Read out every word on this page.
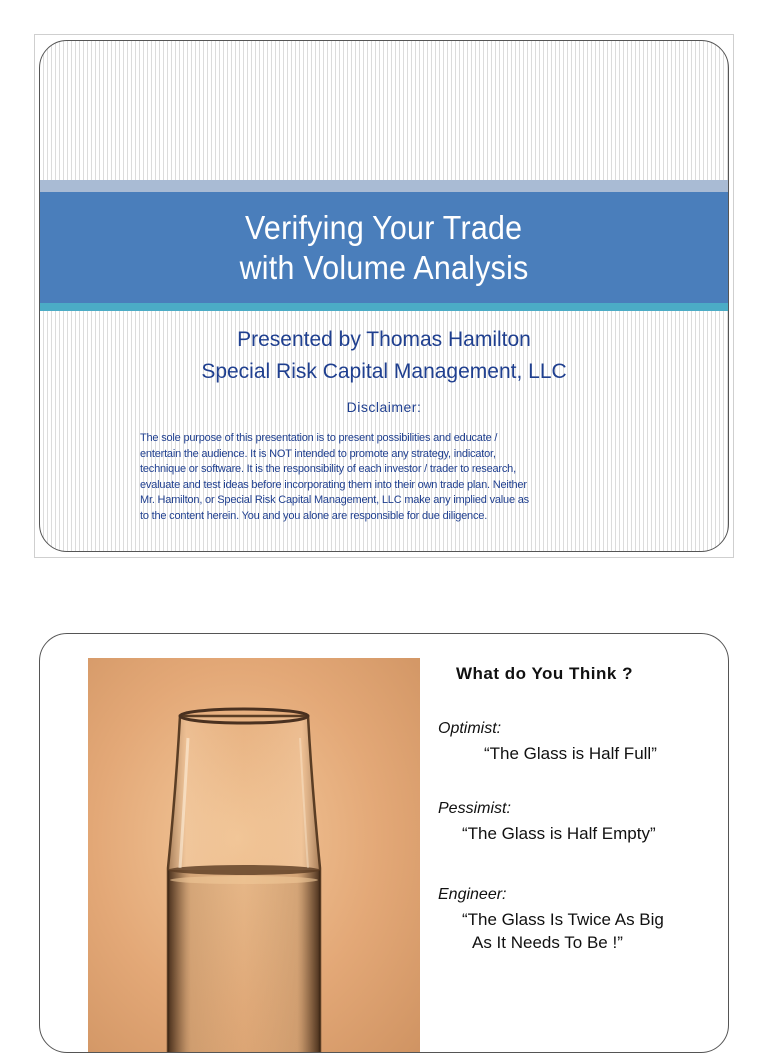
Verifying Your Trade
with Volume Analysis
Presented by Thomas Hamilton
Special Risk Capital Management, LLC
Disclaimer:
The sole purpose of this presentation is to present possibilities and educate /
entertain the audience. It is NOT intended to promote any strategy, indicator,
technique or software. It is the responsibility of each investor / trader to research,
evaluate and test ideas before incorporating them into their own trade plan. Neither
Mr. Hamilton, or Special Risk Capital Management, LLC make any implied value as
to the content herein. You and you alone are responsible for due diligence.
What do You Think ?
Optimist:
“The Glass is Half Full”
Pessimist:
“The Glass is Half Empty”
Engineer:
“The Glass Is Twice As Big
As It Needs To Be !”
